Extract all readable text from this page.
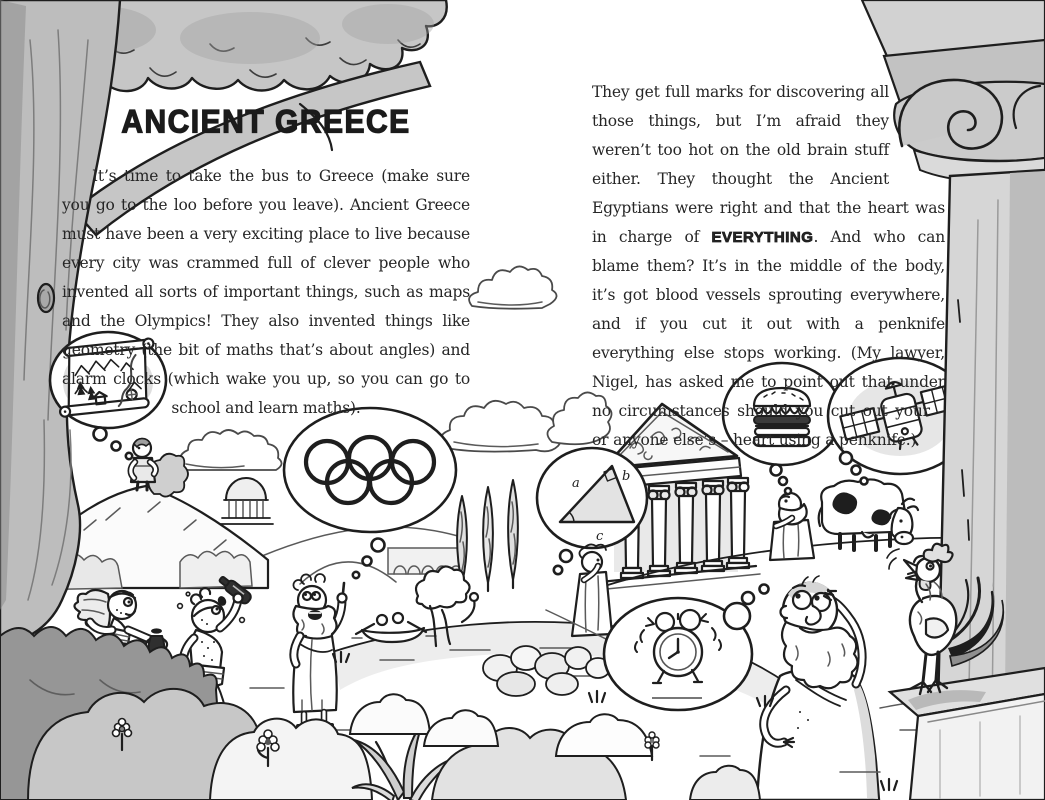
a	b
c
ANCIENT GREECE

It’s time to take the bus to Greece (make sure you go to the loo before you leave). Ancient Greece must have been a very exciting place to live because every city was crammed full of clever people who invented all sorts of important things, such as maps and the Olympics! They also invented things like geometry (the bit of maths that’s about angles) and alarm clocks (which wake you up, so you can go to school and learn maths).

They get full marks for discovering all those things, but I’m afraid they weren’t too hot on the old brain stuff either. They thought the Ancient Egyptians were right and that the heart was in charge of EVERYTHING. And who can blame them? It’s in the middle of the body, it’s got blood vessels sprouting everywhere, and if you cut it out with a penknife everything else stops working. (My lawyer, Nigel, has asked me to point out that under no circumstances should you cut out your – or anyone else’s – heart using a penknife.)
